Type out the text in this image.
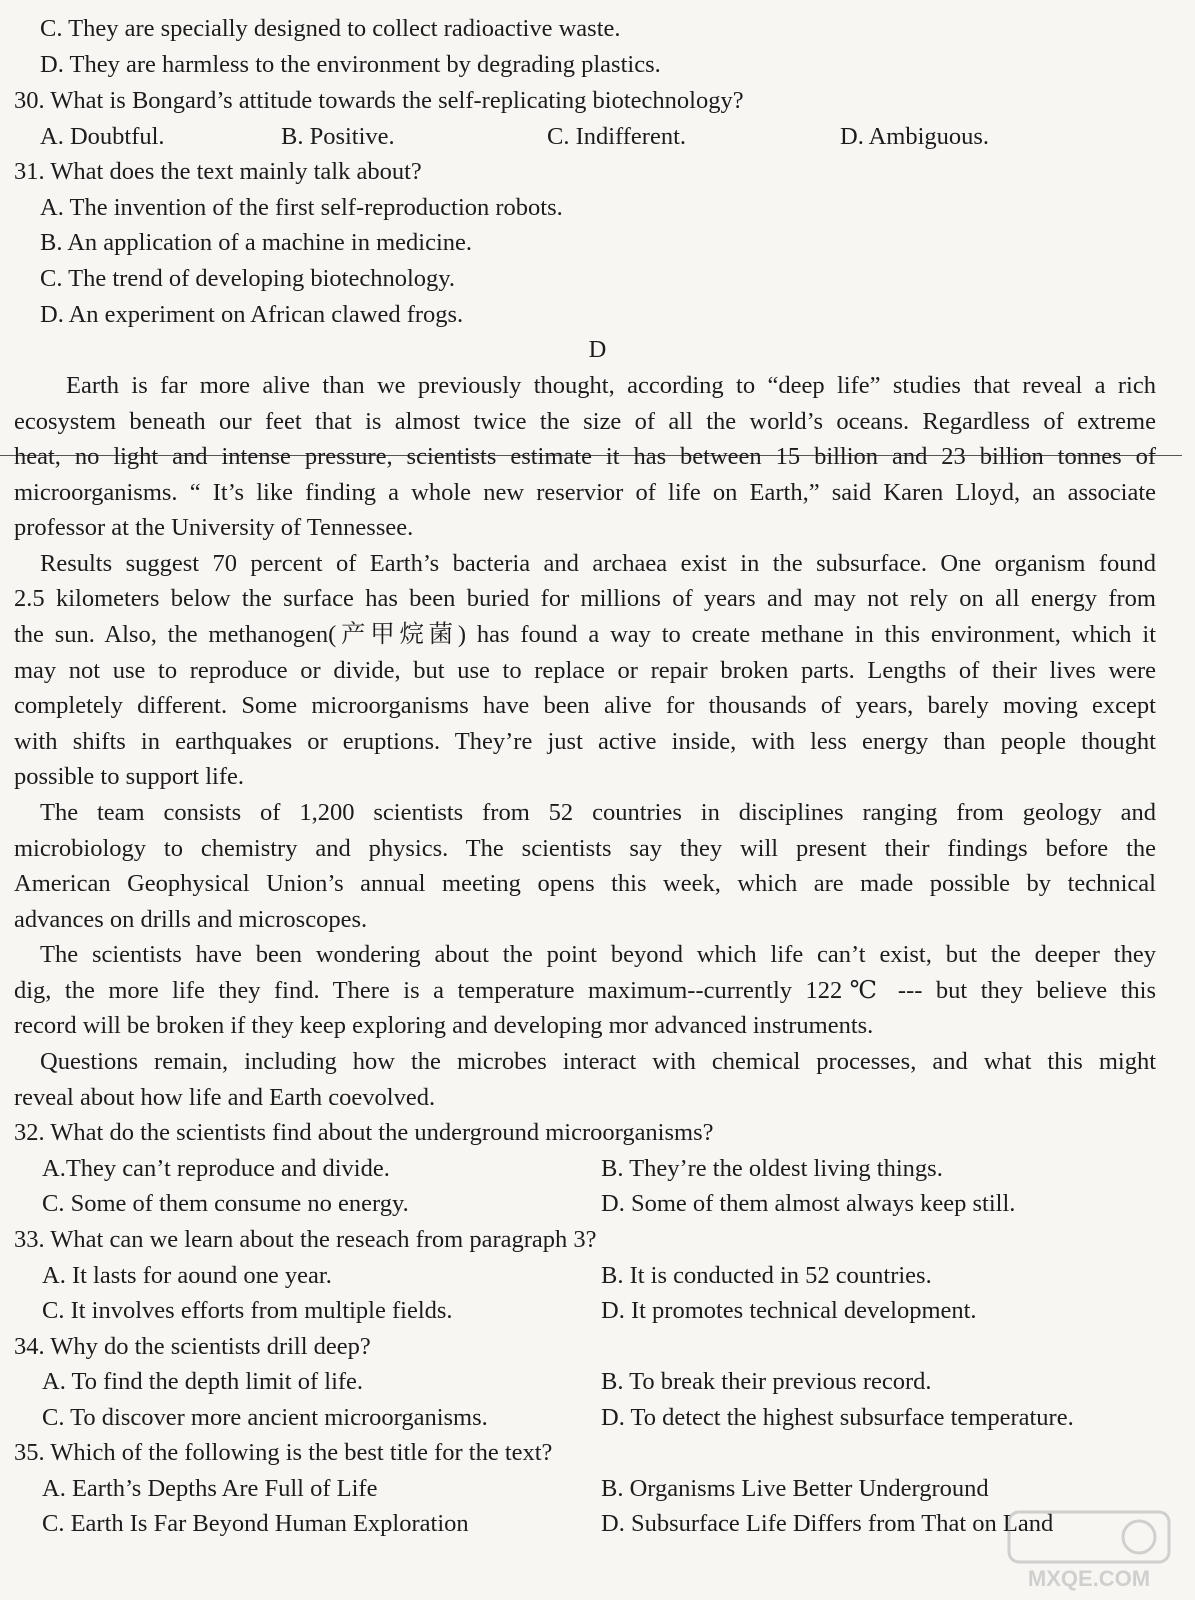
C. They are specially designed to collect radioactive waste.
D. They are harmless to the environment by degrading plastics.
30. What is Bongard’s attitude towards the self-replicating biotechnology?
A. Doubtful.	B. Positive.	C. Indifferent.	D. Ambiguous.
31. What does the text mainly talk about?
A. The invention of the first self-reproduction robots.
B. An application of a machine in medicine.
C. The trend of developing biotechnology.
D. An experiment on African clawed frogs.
D
Earth is far more alive than we previously thought, according to “deep life” studies that reveal a rich
ecosystem beneath our feet that is almost twice the size of all the world’s oceans. Regardless of extreme
heat, no light and intense pressure, scientists estimate it has between 15 billion and 23 billion tonnes of
microorganisms. “ It’s like finding a whole new reservior of life on Earth,” said Karen Lloyd, an associate
professor at the University of Tennessee.
Results suggest 70 percent of Earth’s bacteria and archaea exist in the subsurface. One organism found
2.5 kilometers below the surface has been buried for millions of years and may not rely on all energy from
the sun. Also, the methanogen(产甲烷菌) has found a way to create methane in this environment, which it
may not use to reproduce or divide, but use to replace or repair broken parts. Lengths of their lives were
completely different. Some microorganisms have been alive for thousands of years, barely moving except
with shifts in earthquakes or eruptions. They’re just active inside, with less energy than people thought
possible to support life.
The team consists of 1,200 scientists from 52 countries in disciplines ranging from geology and
microbiology to chemistry and physics. The scientists say they will present their findings before the
American Geophysical Union’s annual meeting opens this week, which are made possible by technical
advances on drills and microscopes.
The scientists have been wondering about the point beyond which life can’t exist, but the deeper they
dig, the more life they find. There is a temperature maximum--currently 122℃ --- but they believe this
record will be broken if they keep exploring and developing mor advanced instruments.
Questions remain, including how the microbes interact with chemical processes, and what this might
reveal about how life and Earth coevolved.
32. What do the scientists find about the underground microorganisms?
A.They can’t reproduce and divide.	B. They’re the oldest living things.
C. Some of them consume no energy.	D. Some of them almost always keep still.
33. What can we learn about the reseach from paragraph 3?
A. It lasts for aound one year.	B. It is conducted in 52 countries.
C. It involves efforts from multiple fields.	D. It promotes technical development.
34. Why do the scientists drill deep?
A. To find the depth limit of life.	B. To break their previous record.
C. To discover more ancient microorganisms.	D. To detect the highest subsurface temperature.
35. Which of the following is the best title for the text?
A. Earth’s Depths Are Full of Life	B. Organisms Live Better Underground
C. Earth Is Far Beyond Human Exploration	D. Subsurface Life Differs from That on Land
MXQE.COM
